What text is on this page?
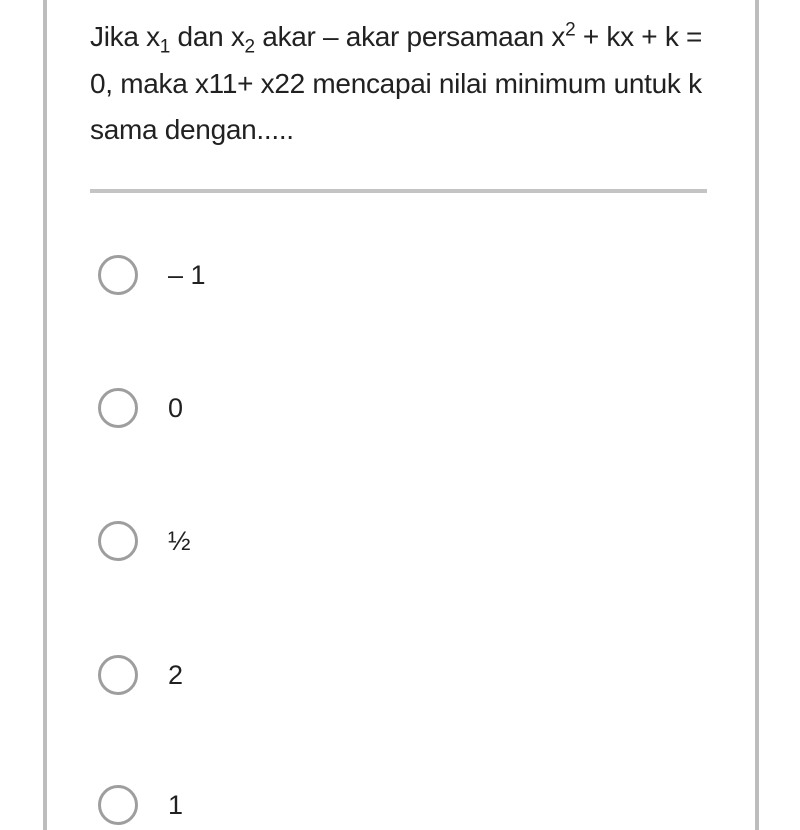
Jika $x_1$ dan $x_2$ akar – akar persamaan $x^2$ + kx + k = 0, maka x11+ x22 mencapai nilai minimum untuk k sama dengan.....
– 1
0
½
2
1
